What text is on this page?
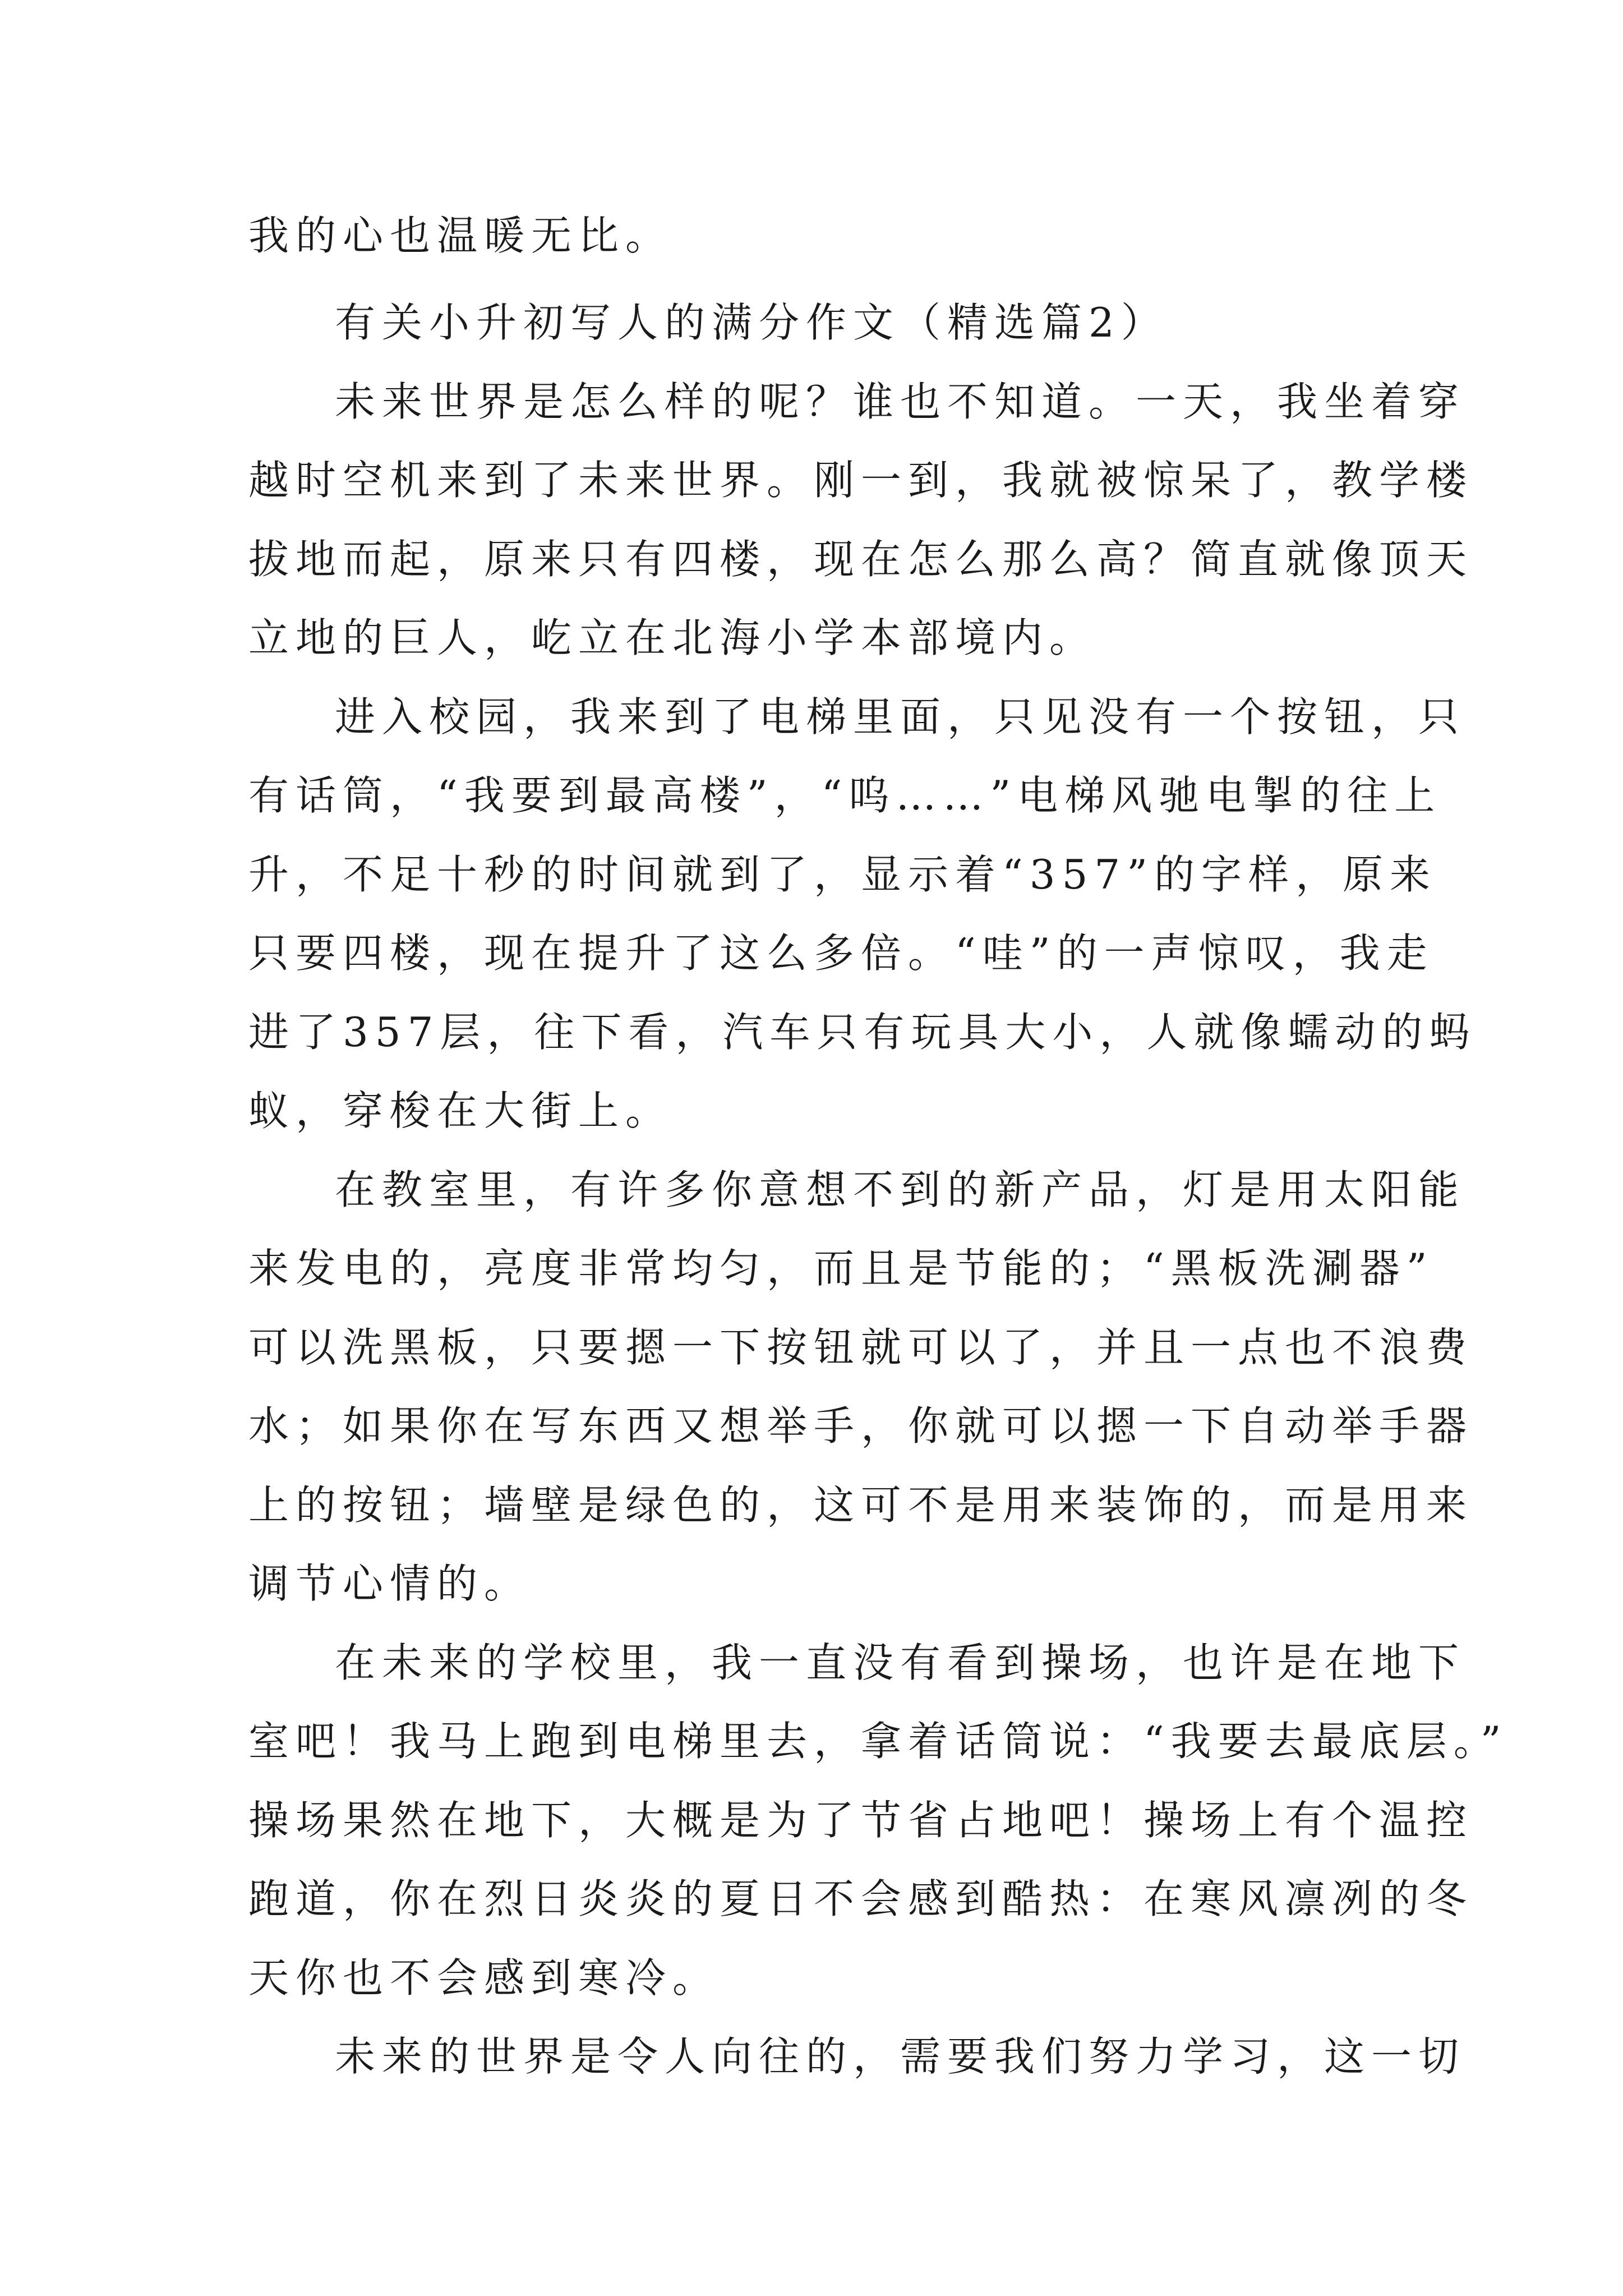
我的心也温暖无比。
有关小升初写人的满分作文（精选篇2）
未来世界是怎么样的呢？谁也不知道。一天，我坐着穿
越时空机来到了未来世界。刚一到，我就被惊呆了，教学楼
拔地而起，原来只有四楼，现在怎么那么高？简直就像顶天
立地的巨人，屹立在北海小学本部境内。
进入校园，我来到了电梯里面，只见没有一个按钮，只
有话筒，“我要到最高楼”，“呜……”电梯风驰电掣的往上
升，不足十秒的时间就到了，显示着“357”的字样，原来
只要四楼，现在提升了这么多倍。“哇”的一声惊叹，我走
进了357层，往下看，汽车只有玩具大小，人就像蠕动的蚂
蚁，穿梭在大街上。
在教室里，有许多你意想不到的新产品，灯是用太阳能
来发电的，亮度非常均匀，而且是节能的；“黑板洗涮器”
可以洗黑板，只要摁一下按钮就可以了，并且一点也不浪费
水；如果你在写东西又想举手，你就可以摁一下自动举手器
上的按钮；墙壁是绿色的，这可不是用来装饰的，而是用来
调节心情的。
在未来的学校里，我一直没有看到操场，也许是在地下
室吧！我马上跑到电梯里去，拿着话筒说：“我要去最底层。”
操场果然在地下，大概是为了节省占地吧！操场上有个温控
跑道，你在烈日炎炎的夏日不会感到酷热：在寒风凛冽的冬
天你也不会感到寒冷。
未来的世界是令人向往的，需要我们努力学习，这一切
